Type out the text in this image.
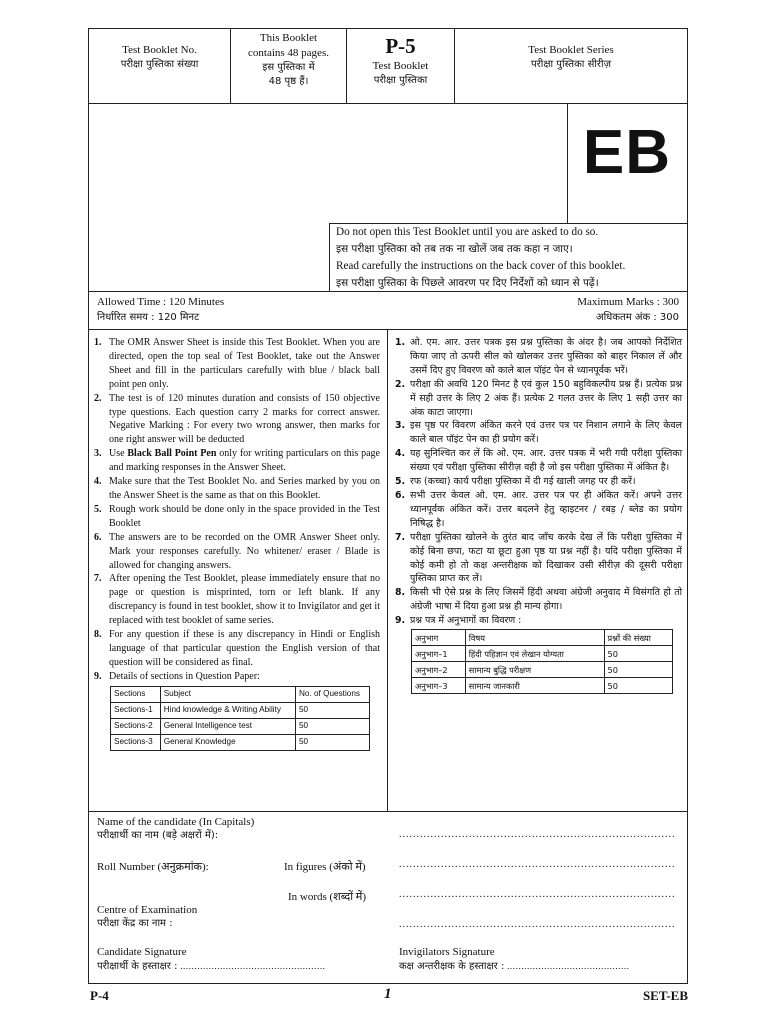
Test Booklet No.
परीक्षा पुस्तिका संख्या
This Booklet
contains 48 pages.
इस पुस्तिका में
48 पृष्ठ हैं।
P-5
Test Booklet
परीक्षा पुस्तिका
Test Booklet Series
परीक्षा पुस्तिका सीरीज़
EB
Do not open this Test Booklet until you are asked to do so.
इस परीक्षा पुस्तिका को तब तक ना खोलें जब तक कहा न जाए।
Read carefully the instructions on the back cover of this booklet.
इस परीक्षा पुस्तिका के पिछले आवरण पर दिए निर्देशों को ध्यान से पढ़ें।
Allowed Time : 120 Minutes
निर्धारित समय : 120 मिनट
Maximum Marks : 300
अधिकतम अंक : 300
1. The OMR Answer Sheet is inside this Test Booklet. When you are directed, open the top seal of Test Booklet, take out the Answer Sheet and fill in the particulars carefully with blue / black ball point pen only.
2. The test is of 120 minutes duration and consists of 150 objective type questions. Each question carry 2 marks for correct answer. Negative Marking : For every two wrong answer, then marks for one right answer will be deducted
3. Use Black Ball Point Pen only for writing particulars on this page and marking responses in the Answer Sheet.
4. Make sure that the Test Booklet No. and Series marked by you on the Answer Sheet is the same as that on this Booklet.
5. Rough work should be done only in the space provided in the Test Booklet
6. The answers are to be recorded on the OMR Answer Sheet only. Mark your responses carefully. No whitener/ eraser / Blade is allowed for changing answers.
7. After opening the Test Booklet, please immediately ensure that no page or question is misprinted, torn or left blank. If any discrepancy is found in test booklet, show it to Invigilator and get it replaced with test booklet of same series.
8. For any question if these is any discrepancy in Hindi or English language of that particular question the English version of that question will be considered as final.
9. Details of sections in Question Paper:
Sections	Subject	No. of Questions
Sections-1	Hind knowledge & Writing Ability	50
Sections-2	General Intelligence test	50
Sections-3	General Knowledge	50
1. ओ. एम. आर. उत्तर पत्रक इस प्रश्न पुस्तिका के अंदर है। जब आपको निर्देशित किया जाए तो ऊपरी सील को खोलकर उत्तर पुस्तिका को बाहर निकाल लें और उसमें दिए हुए विवरण को काले बाल पॉइंट पेन से ध्यानपूर्वक भरें।
2. परीक्षा की अवधि 120 मिनट है एवं कुल 150 बहुविकल्पीय प्रश्न हैं। प्रत्येक प्रश्न में सही उत्तर के लिए 2 अंक हैं। प्रत्येक 2 गलत उत्तर के लिए 1 सही उत्तर का अंक काटा जाएगा।
3. इस पृष्ठ पर विवरण अंकित करने एवं उत्तर पत्र पर निशान लगाने के लिए केवल काले बाल पॉइंट पेन का ही प्रयोग करें।
4. यह सुनिश्चित कर लें कि ओ. एम. आर. उत्तर पत्रक में भरी गयी परीक्षा पुस्तिका संख्या एवं परीक्षा पुस्तिका सीरीज़ वही है जो इस परीक्षा पुस्तिका में अंकित है।
5. रफ (कच्चा) कार्य परीक्षा पुस्तिका में दी गई खाली जगह पर ही करें।
6. सभी उत्तर केवल ओ. एम. आर. उत्तर पत्र पर ही अंकित करें। अपने उत्तर ध्यानपूर्वक अंकित करें। उत्तर बदलने हेतु व्हाइटनर / रबड़ / ब्लेड का प्रयोग निषिद्ध है।
7. परीक्षा पुस्तिका खोलने के तुरंत बाद जाँच करके देख लें कि परीक्षा पुस्तिका में कोई बिना छपा, फटा या छूटा हुआ पृष्ठ या प्रश्न नहीं है। यदि परीक्षा पुस्तिका में कोई कमी हो तो कक्ष अन्तरीक्षक को दिखाकर उसी सीरीज़ की दूसरी परीक्षा पुस्तिका प्राप्त कर लें।
8. किसी भी ऐसे प्रश्न के लिए जिसमें हिंदी अथवा अंग्रेजी अनुवाद में विसंगति हो तो अंग्रेजी भाषा में दिया हुआ प्रश्न ही मान्य होगा।
9. प्रश्न पत्र में अनुभागों का विवरण :
अनुभाग	विषय	प्रश्नों की संख्या
अनुभाग–1	हिंदी पहिज्ञान एवं लेखान योग्यता	50
अनुभाग–2	सामान्य बुद्धि परीक्षण	50
अनुभाग–3	सामान्य जानकारी	50
Name of the candidate (In Capitals)
परीक्षार्थी का नाम (बड़े अक्षरों में):	...............................................................................
Roll Number (अनुक्रमांक):	In figures (अंको में)	...............................................................................
In words (शब्दों में)	...............................................................................
Centre of Examination
परीक्षा केंद्र का नाम :	...............................................................................
Candidate Signature
परीक्षार्थी के हस्ताक्षर : ...................................................
Invigilators Signature
कक्ष अन्तरीक्षक के हस्ताक्षर : ...........................................
P-4	1	SET-EB
